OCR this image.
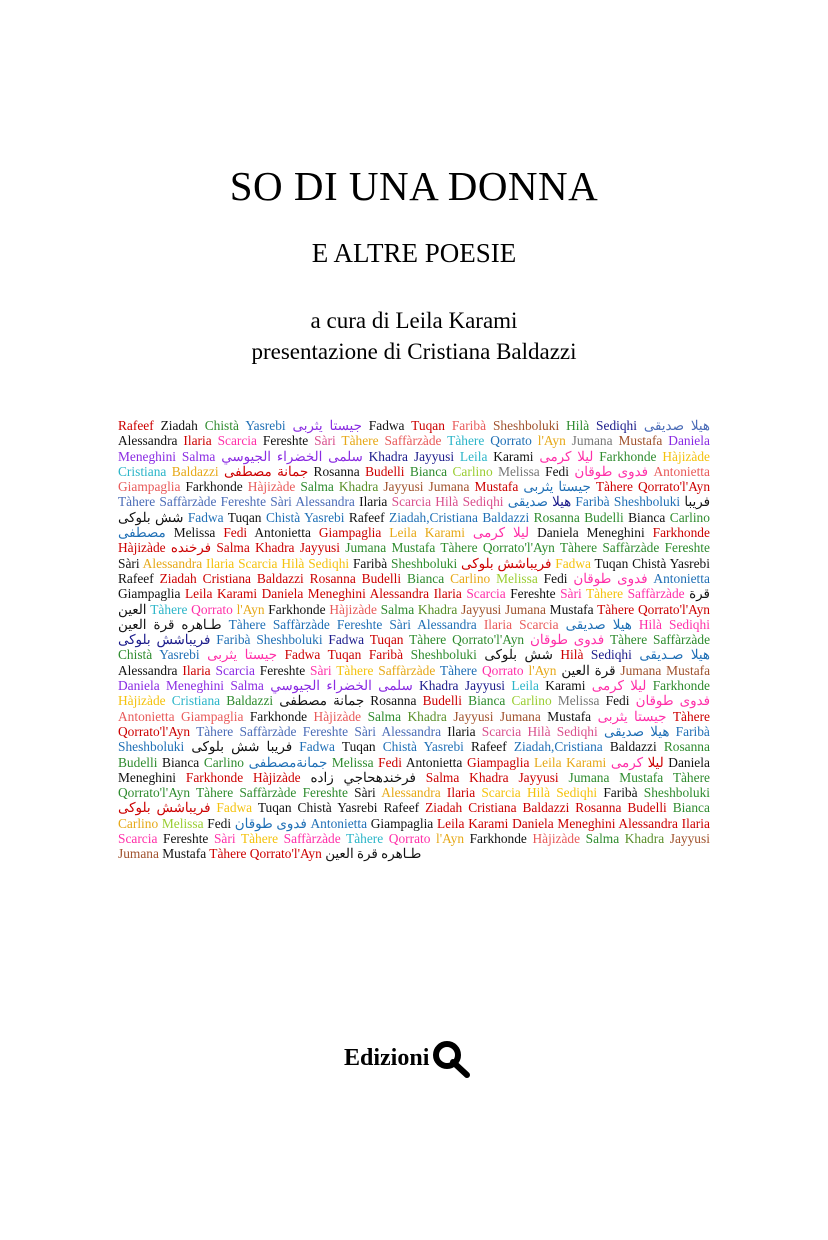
SO DI UNA DONNA
E ALTRE POESIE
a cura di Leila Karami
presentazione di Cristiana Baldazzi
Rafeef Ziadah Chistà Yasrebi جیستا یثربی Fadwa Tuqan Faribà Sheshboluki Hilà Sediqhi هیلا صدیقی Alessandra Ilaria Scarcia Fereshte Sàri Tàhere Saffàrzàde Tàhere Qorrato l'Ayn Jumana Mustafa Daniela Meneghini Salma سلمى الخضراء الجيوسي Khadra Jayyusi Leila Karami لیلا کرمی Farkhonde Hàjizàde Cristiana Baldazzi جمانة مصطفى Rosanna Budelli Bianca Carlino Melissa Fedi فدوى طوقان Antonietta Giampaglia Farkhonde Hàjizàde Salma Khadra Jayyusi Jumana Mustafa جیستا یثربی Tàhere Qorrato'l'Ayn Tàhere Saffàrzàde Fereshte Sàri Alessandra Ilaria Scarcia Hilà Sediqhi	هیلا صدیقی Faribà Sheshboluki فریبا شش بلوکی Fadwa Tuqan Chistà Yasrebi Rafeef Ziadah,Cristiana Baldazzi Rosanna Budelli Bianca Carlino مصطفى Melissa Fedi Antonietta Giampaglia Leila Karami لیلا کرمی Daniela Meneghini Farkhonde Hàjizàde فرخنده Salma Khadra Jayyusi Jumana Mustafa Tàhere Qorrato'l'Ayn Tàhere Saffàrzàde Fereshte Sàri Alessandra Ilaria Scarcia Hilà Sediqhi Faribà Sheshboluki فریباشش بلوکی Fadwa Tuqan Chistà Yasrebi Rafeef Ziadah Cristiana Baldazzi Rosanna Budelli Bianca Carlino Melissa Fedi فدوى طوقان Antonietta Giampaglia Leila Karami Daniela Meneghini Alessandra Ilaria Scarcia Fereshte Sàri Tàhere Saffàrzàde قرة العين Tàhere Qorrato l'Ayn Farkhonde Hàjizàde Salma Khadra Jayyusi Jumana Mustafa Tàhere Qorrato'l'Ayn طـاهره قرة العين Tàhere Saffàrzàde Fereshte Sàri Alessandra Ilaria Scarcia هیلا صدیقی Hilà Sediqhi فریباشش بلوکی Faribà Sheshboluki Fadwa Tuqan Tàhere Qorrato'l'Ayn فدوى طوقان Tàhere Saffàrzàde Chistà Yasrebi جیستا یثربی Fadwa Tuqan Faribà Sheshboluki شش بلوکی Hilà Sediqhi هیلا صـدیقی Alessandra Ilaria Scarcia Fereshte Sàri Tàhere Saffàrzàde Tàhere Qorrato l'Ayn قرة العين Jumana Mustafa Daniela Meneghini Salma سلمى الخضراء الجيوسي Khadra Jayyusi Leila Karami لیلا کرمی Farkhonde Hàjizàde Cristiana Baldazzi جمانة مصطفى Rosanna Budelli Bianca Carlino Melissa Fedi فدوى طوقان Antonietta Giampaglia Farkhonde Hàjizàde Salma Khadra Jayyusi Jumana Mustafa جیستا یثربی Tàhere Qorrato'l'Ayn Tàhere Saffàrzàde Fereshte Sàri Alessandra Ilaria Scarcia Hilà Sediqhi هیلا صدیقی Faribà Sheshboluki فریبا شش بلوکی Fadwa Tuqan Chistà Yasrebi Rafeef Ziadah,Cristiana Baldazzi Rosanna Budelli Bianca Carlino جمانةمصطفى Melissa Fedi Antonietta Giampaglia Leila Karami	لیلا کرمی Daniela Meneghini Farkhonde Hàjizàde فرخندهحاجي زاده Salma Khadra Jayyusi Jumana Mustafa Tàhere Qorrato'l'Ayn Tàhere Saffàrzàde Fereshte Sàri Alessandra Ilaria Scarcia Hilà Sediqhi Faribà Sheshboluki فریباشش بلوکی Fadwa Tuqan Chistà Yasrebi Rafeef Ziadah Cristiana Baldazzi Rosanna Budelli Bianca Carlino Melissa Fedi فدوى طوقان Antonietta Giampaglia Leila Karami Daniela Meneghini Alessandra Ilaria Scarcia Fereshte Sàri Tàhere Saffàrzàde Tàhere Qorrato l'Ayn Farkhonde Hàjizàde Salma Khadra Jayyusi Jumana Mustafa Tàhere Qorrato'l'Ayn طـاهره قرة العين
Edizioni
